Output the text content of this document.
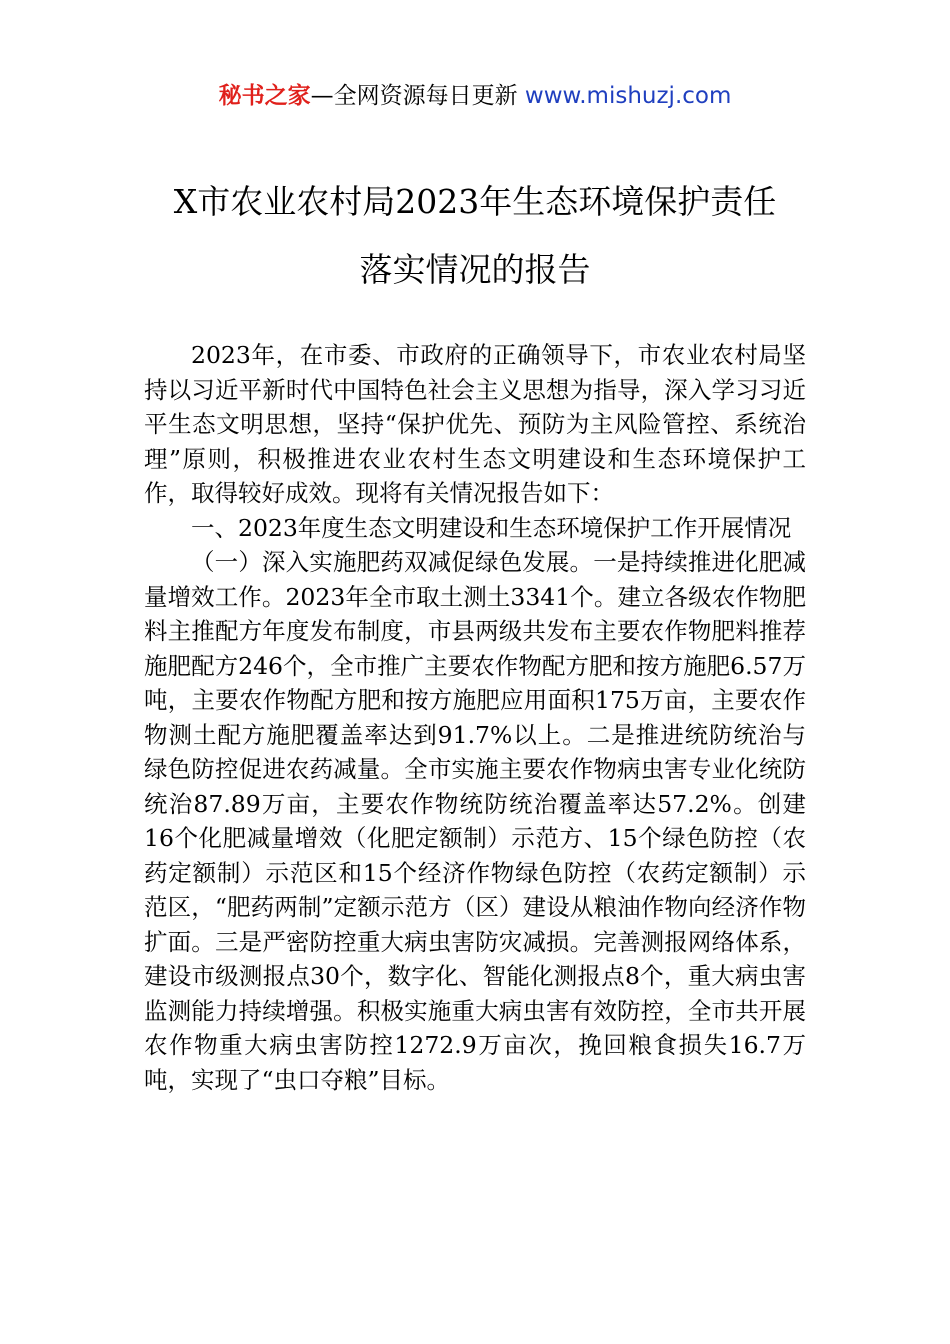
秘书之家—全网资源每日更新 www.mishuzj.com
X市农业农村局2023年生态环境保护责任
落实情况的报告

2023年，在市委、市政府的正确领导下，市农业农村局坚持以习近平新时代中国特色社会主义思想为指导，深入学习习近平生态文明思想，坚持“保护优先、预防为主风险管控、系统治理”原则，积极推进农业农村生态文明建设和生态环境保护工作，取得较好成效。现将有关情况报告如下：

一、2023年度生态文明建设和生态环境保护工作开展情况

（一）深入实施肥药双减促绿色发展。一是持续推进化肥减量增效工作。2023年全市取土测土3341个。建立各级农作物肥料主推配方年度发布制度，市县两级共发布主要农作物肥料推荐施肥配方246个，全市推广主要农作物配方肥和按方施肥6.57万吨，主要农作物配方肥和按方施肥应用面积175万亩，主要农作物测土配方施肥覆盖率达到91.7%以上。二是推进统防统治与绿色防控促进农药减量。全市实施主要农作物病虫害专业化统防统治87.89万亩，主要农作物统防统治覆盖率达57.2%。创建16个化肥减量增效（化肥定额制）示范方、15个绿色防控（农药定额制）示范区和15个经济作物绿色防控（农药定额制）示范区，“肥药两制”定额示范方（区）建设从粮油作物向经济作物扩面。三是严密防控重大病虫害防灾减损。完善测报网络体系，建设市级测报点30个，数字化、智能化测报点8个，重大病虫害监测能力持续增强。积极实施重大病虫害有效防控，全市共开展农作物重大病虫害防控1272.9万亩次，挽回粮食损失16.7万吨，实现了“虫口夺粮”目标。
